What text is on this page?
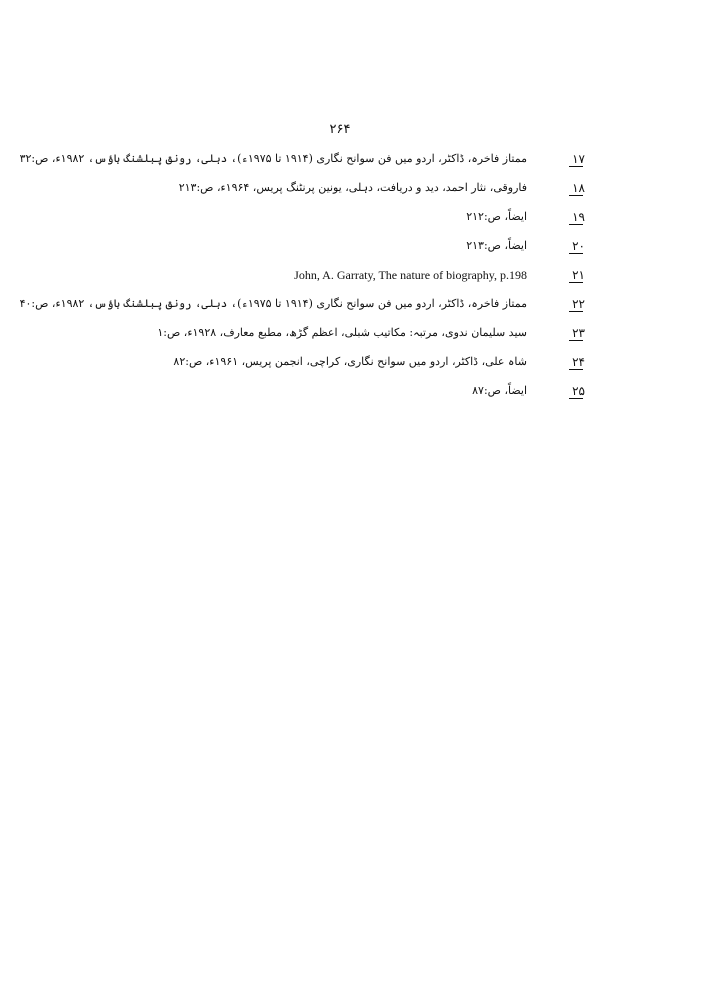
۲۶۴
۱۷
ممتاز فاخرہ، ڈاکٹر، اردو میں فن سوانح نگاری (۱۹۱۴ تا ۱۹۷۵ء)، دہلی، رونق پبلشنگ ہاؤس، ۱۹۸۲ء، ص:۳۲
۱۸
فاروقی، نثار احمد، دید و دریافت، دہلی، یونین پرنٹنگ پریس، ۱۹۶۴ء، ص:۲۱۳
۱۹
ایضاً، ص:۲۱۲
۲۰
ایضاً، ص:۲۱۳
۲۱
John, A. Garraty, The nature of biography, p.198
۲۲
ممتاز فاخرہ، ڈاکٹر، اردو میں فن سوانح نگاری (۱۹۱۴ تا ۱۹۷۵ء)، دہلی، رونق پبلشنگ ہاؤس، ۱۹۸۲ء، ص:۴۰
۲۳
سید سلیمان ندوی، مرتبہ: مکاتیب شبلی، اعظم گڑھ، مطبع معارف، ۱۹۲۸ء، ص:۱
۲۴
شاہ علی، ڈاکٹر، اردو میں سوانح نگاری، کراچی، انجمن پریس، ۱۹۶۱ء، ص:۸۲
۲۵
ایضاً، ص:۸۷
